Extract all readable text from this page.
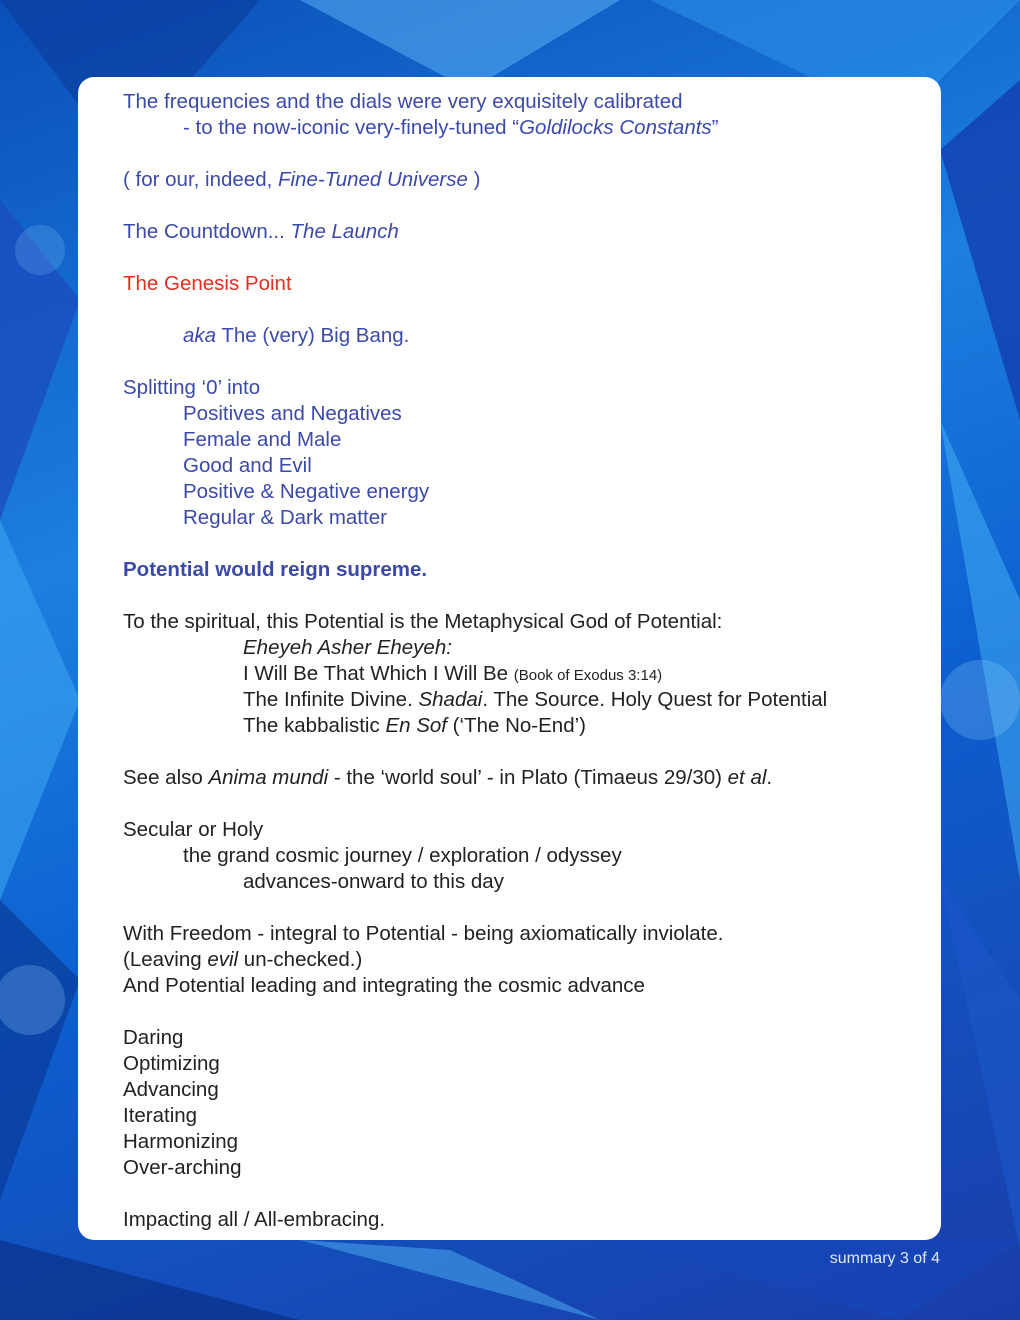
The frequencies and the dials were very exquisitely calibrated
- to the now-iconic very-finely-tuned “Goldilocks Constants”
( for our, indeed, Fine-Tuned Universe )
The Countdown... The Launch
The Genesis Point
aka The (very) Big Bang.
Splitting ‘0’ into
Positives and Negatives
Female and Male
Good and Evil
Positive & Negative energy
Regular & Dark matter
Potential would reign supreme.
To the spiritual, this Potential is the Metaphysical God of Potential:
Eheyeh Asher Eheyeh:
I Will Be That Which I Will Be (Book of Exodus 3:14)
The Infinite Divine. Shadai. The Source. Holy Quest for Potential
The kabbalistic En Sof (‘The No-End’)
See also Anima mundi - the ‘world soul’ - in Plato (Timaeus 29/30) et al.
Secular or Holy
the grand cosmic journey / exploration / odyssey
advances-onward to this day
With Freedom - integral to Potential - being axiomatically inviolate.
(Leaving evil un-checked.)
And Potential leading and integrating the cosmic advance
Daring
Optimizing
Advancing
Iterating
Harmonizing
Over-arching
Impacting all / All-embracing.
summary 3 of 4
